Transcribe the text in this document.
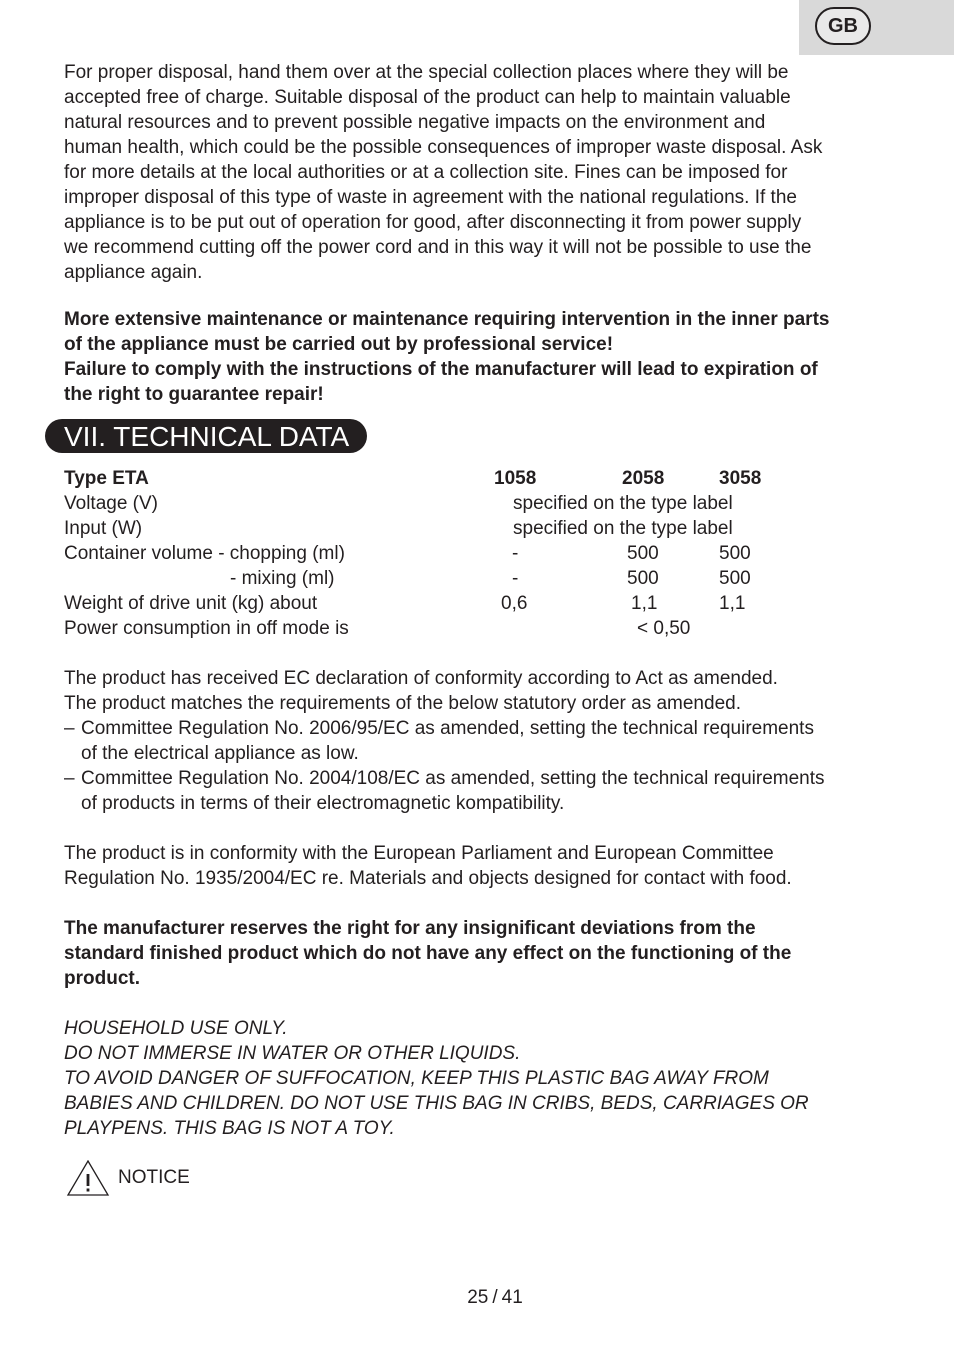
GB
For proper disposal, hand them over at the special collection places where they will be
accepted free of charge. Suitable disposal of the product can help to maintain valuable
natural resources and to prevent possible negative impacts on the environment and
human health, which could be the possible consequences of improper waste disposal. Ask
for more details at the local authorities or at a collection site. Fines can be imposed for
improper disposal of this type of waste in agreement with the national regulations. If the
appliance is to be put out of operation for good, after disconnecting it from power supply
we recommend cutting off the power cord and in this way it will not be possible to use the
appliance again.
More extensive maintenance or maintenance requiring intervention in the inner parts
of the appliance must be carried out by professional service!
Failure to comply with the instructions of the manufacturer will lead to expiration of
the right to guarantee repair!
VII. TECHNICAL DATA
Type ETA	1058	2058	3058
Voltage (V)	specified on the type label
Input (W)	specified on the type label
Container volume - chopping (ml)	-	500	500
- mixing (ml)	-	500	500
Weight of drive unit (kg) about	0,6	1,1	1,1
Power consumption in off mode is	< 0,50
The product has received EC declaration of conformity according to Act as amended.
The product matches the requirements of the below statutory order as amended.
– Committee Regulation No. 2006/95/EC as amended, setting the technical requirements
of the electrical appliance as low.
– Committee Regulation No. 2004/108/EC as amended, setting the technical requirements
of products in terms of their electromagnetic kompatibility.
The product is in conformity with the European Parliament and European Committee
Regulation No. 1935/2004/EC re. Materials and objects designed for contact with food.
The manufacturer reserves the right for any insignificant deviations from the
standard finished product which do not have any effect on the functioning of the
product.
HOUSEHOLD USE ONLY.
DO NOT IMMERSE IN WATER OR OTHER LIQUIDS.
TO AVOID DANGER OF SUFFOCATION, KEEP THIS PLASTIC BAG AWAY FROM
BABIES AND CHILDREN. DO NOT USE THIS BAG IN CRIBS, BEDS, CARRIAGES OR
PLAYPENS. THIS BAG IS NOT A TOY.
NOTICE
25 / 41
